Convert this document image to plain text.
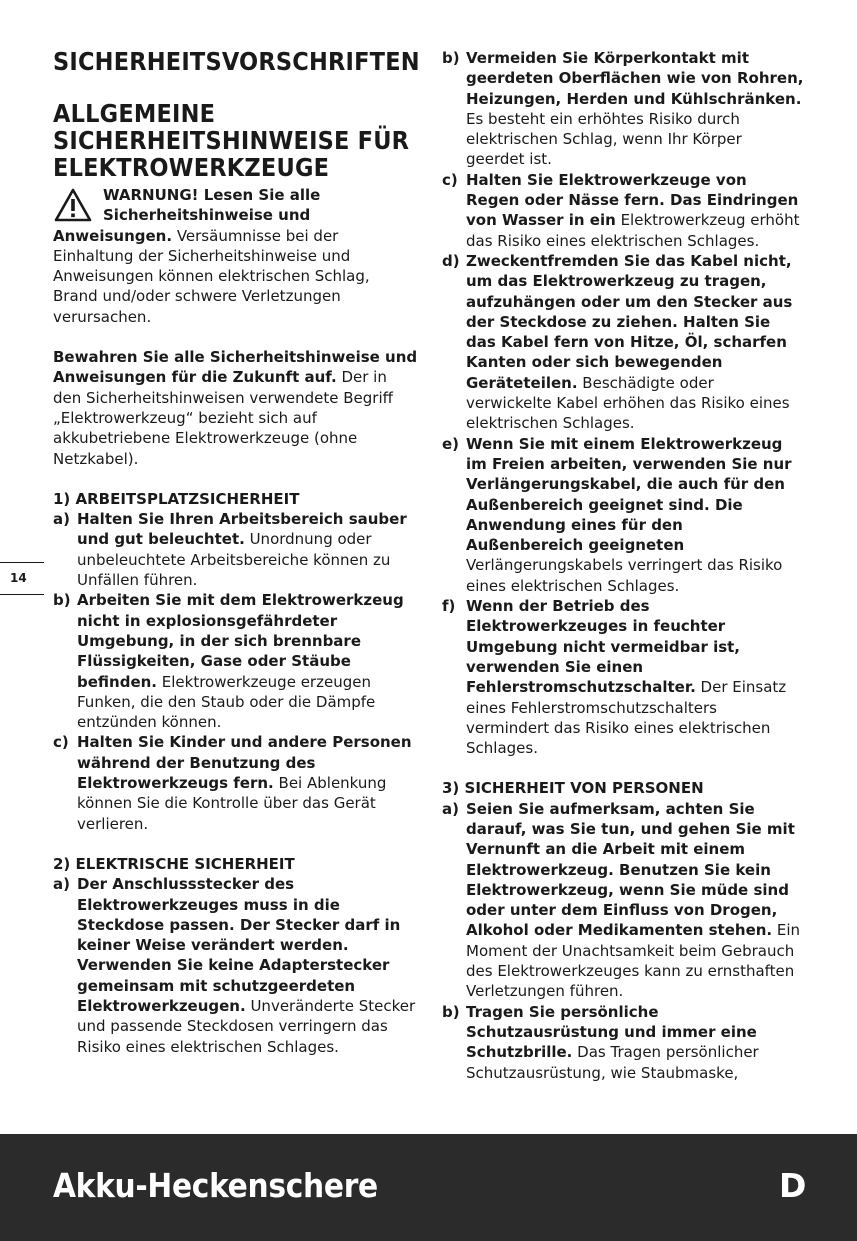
14
SICHERHEITSVORSCHRIFTEN
ALLGEMEINE
SICHERHEITSHINWEISE FÜR
ELEKTROWERKZEUGE

WARNUNG! Lesen Sie alle Sicherheitshinweise und Anweisungen. Versäumnisse bei der Einhaltung der Sicherheitshinweise und Anweisungen können elektrischen Schlag, Brand und/oder schwere Verletzungen verursachen.

Bewahren Sie alle Sicherheitshinweise und Anweisungen für die Zukunft auf. Der in den Sicherheitshinweisen verwendete Begriff „Elektrowerkzeug“ bezieht sich auf akkubetriebene Elektrowerkzeuge (ohne Netzkabel).

1) ARBEITSPLATZSICHERHEIT

a) Halten Sie Ihren Arbeitsbereich sauber und gut beleuchtet. Unordnung oder unbeleuchtete Arbeitsbereiche können zu Unfällen führen.
b) Arbeiten Sie mit dem Elektrowerkzeug nicht in explosionsgefährdeter Umgebung, in der sich brennbare Flüssigkeiten, Gase oder Stäube befinden. Elektrowerkzeuge erzeugen Funken, die den Staub oder die Dämpfe entzünden können.
c) Halten Sie Kinder und andere Personen während der Benutzung des Elektrowerkzeugs fern. Bei Ablenkung können Sie die Kontrolle über das Gerät verlieren.

2) ELEKTRISCHE SICHERHEIT

a) Der Anschlussstecker des Elektrowerkzeuges muss in die Steckdose passen. Der Stecker darf in keiner Weise verändert werden. Verwenden Sie keine Adapterstecker gemeinsam mit schutzgeerdeten Elektrowerkzeugen. Unveränderte Stecker und passende Steckdosen verringern das Risiko eines elektrischen Schlages.
b) Vermeiden Sie Körperkontakt mit geerdeten Oberflächen wie von Rohren, Heizungen, Herden und Kühlschränken. Es besteht ein erhöhtes Risiko durch elektrischen Schlag, wenn Ihr Körper geerdet ist.
c) Halten Sie Elektrowerkzeuge von Regen oder Nässe fern. Das Eindringen von Wasser in ein Elektrowerkzeug erhöht das Risiko eines elektrischen Schlages.
d) Zweckentfremden Sie das Kabel nicht, um das Elektrowerkzeug zu tragen, aufzuhängen oder um den Stecker aus der Steckdose zu ziehen. Halten Sie das Kabel fern von Hitze, Öl, scharfen Kanten oder sich bewegenden Geräteteilen. Beschädigte oder verwickelte Kabel erhöhen das Risiko eines elektrischen Schlages.
e) Wenn Sie mit einem Elektrowerkzeug im Freien arbeiten, verwenden Sie nur Verlängerungskabel, die auch für den Außenbereich geeignet sind. Die Anwendung eines für den Außenbereich geeigneten Verlängerungskabels verringert das Risiko eines elektrischen Schlages.
f) Wenn der Betrieb des Elektrowerkzeuges in feuchter Umgebung nicht vermeidbar ist, verwenden Sie einen Fehlerstromschutzschalter. Der Einsatz eines Fehlerstromschutzschalters vermindert das Risiko eines elektrischen Schlages.

3) SICHERHEIT VON PERSONEN

a) Seien Sie aufmerksam, achten Sie darauf, was Sie tun, und gehen Sie mit Vernunft an die Arbeit mit einem Elektrowerkzeug. Benutzen Sie kein Elektrowerkzeug, wenn Sie müde sind oder unter dem Einfluss von Drogen, Alkohol oder Medikamenten stehen. Ein Moment der Unachtsamkeit beim Gebrauch des Elektrowerkzeuges kann zu ernsthaften Verletzungen führen.
b) Tragen Sie persönliche Schutzausrüstung und immer eine Schutzbrille. Das Tragen persönlicher Schutzausrüstung, wie Staubmaske,
Akku-Heckenschere	D
